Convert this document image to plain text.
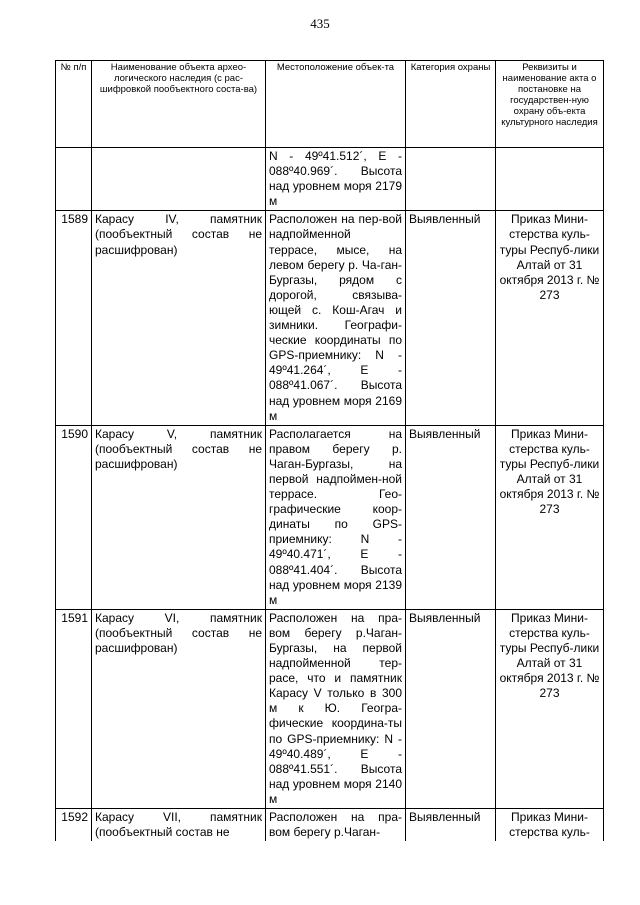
435
№ п/п	Наименование объекта архео-логического наследия (с рас-шифровкой пообъектного соста-ва)	Местоположение объек-та	Категория охраны	Реквизиты и наименование акта о постановке на государствен-ную охрану объ-екта культурного наследия
		N - 49º41.512´, E - 088º40.969´. Высота над уровнем моря 2179 м		
1589	Карасу IV, памятник (пообъектный состав не расшифрован)	Расположен на пер-вой надпойменной террасе, мысе, на левом берегу р. Ча-ган-Бургазы, рядом с дорогой, связыва-ющей с. Кош-Агач и зимники. Географи-ческие координаты по GPS-приемнику: N - 49º41.264´, E - 088º41.067´. Высота над уровнем моря 2169 м	Выявленный	Приказ Мини-стерства куль-туры Респуб-лики Алтай от 31 октября 2013 г. № 273
1590	Карасу V, памятник (пообъектный состав не расшифрован)	Располагается на правом берегу р. Чаган-Бургазы, на первой надпоймен-ной террасе. Гео-графические коор-динаты по GPS-приемнику: N - 49º40.471´, E - 088º41.404´. Высота над уровнем моря 2139 м	Выявленный	Приказ Мини-стерства куль-туры Респуб-лики Алтай от 31 октября 2013 г. № 273
1591	Карасу VI, памятник (пообъектный состав не расшифрован)	Расположен на пра-вом берегу р.Чаган-Бургазы, на первой надпойменной тер-расе, что и памятник Карасу V только в 300 м к Ю. Геогра-фические координа-ты по GPS-приемнику: N - 49º40.489´, E - 088º41.551´. Высота над уровнем моря 2140 м	Выявленный	Приказ Мини-стерства куль-туры Респуб-лики Алтай от 31 октября 2013 г. № 273
1592	Карасу VII, памятник (пообъектный состав не	Расположен на пра-вом берегу р.Чаган-	Выявленный	Приказ Мини-стерства куль-
